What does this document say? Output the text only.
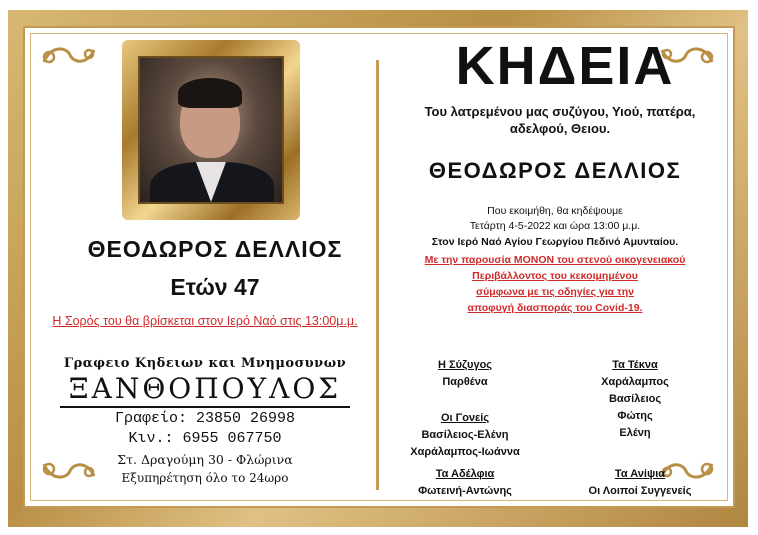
ΘΕΟΔΩΡΟΣ ΔΕΛΛΙΟΣ
Ετών 47
Η Σορός του θα βρίσκεται στον Ιερό Ναό στις 13:00μ.μ.
Γραφειο Κηδειων και Μνημοσυνων
ΞΑΝΘΟΠΟΥΛΟΣ
Γραφείο: 23850 26998
Κιν.: 6955 067750
Στ. Δραγούμη 30 - Φλώρινα
Εξυπηρέτηση όλο το 24ωρο
ΚΗΔΕΙΑ
Του λατρεμένου μας συζύγου, Υιού, πατέρα,
αδελφού, Θειου.
ΘΕΟΔΩΡΟΣ ΔΕΛΛΙΟΣ
Που εκοιμήθη, θα κηδέψουμε
Τετάρτη 4-5-2022 και ώρα 13:00 μ.μ.
Στον Ιερό Ναό Αγίου Γεωργίου Πεδινό Αμυνταίου.
Με την παρουσία ΜΟΝΟΝ του στενού οικογενειακού
Περιβάλλοντος του κεκοιμημένου
σύμφωνα με τις οδηγίες για την
αποφυγή διασποράς του Covid-19.
Η Σύζυγος
Παρθένα
Οι Γονείς
Βασίλειος-Ελένη
Χαράλαμπος-Ιωάννα
Τα Αδέλφια
Φωτεινή-Αντώνης
Τα Τέκνα
Χαράλαμπος
Βασίλειος
Φώτης
Ελένη
Τα Ανίψια
Οι Λοιποί Συγγενείς
